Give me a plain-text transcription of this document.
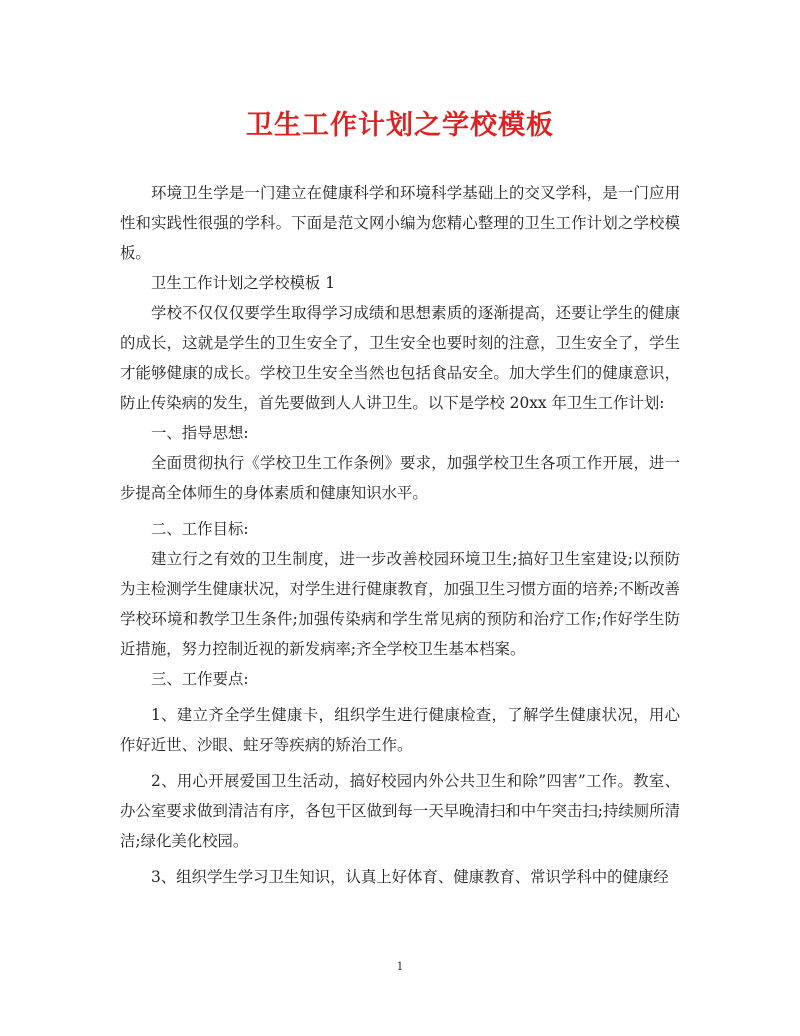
卫生工作计划之学校模板

环境卫生学是一门建立在健康科学和环境科学基础上的交叉学科，是一门应用性和实践性很强的学科。下面是范文网小编为您精心整理的卫生工作计划之学校模板。

卫生工作计划之学校模板 1

学校不仅仅仅要学生取得学习成绩和思想素质的逐渐提高，还要让学生的健康的成长，这就是学生的卫生安全了，卫生安全也要时刻的注意，卫生安全了，学生才能够健康的成长。学校卫生安全当然也包括食品安全。加大学生们的健康意识，防止传染病的发生，首先要做到人人讲卫生。以下是学校 20xx 年卫生工作计划:

一、指导思想:

全面贯彻执行《学校卫生工作条例》要求，加强学校卫生各项工作开展，进一步提高全体师生的身体素质和健康知识水平。

二、工作目标:

建立行之有效的卫生制度，进一步改善校园环境卫生;搞好卫生室建设;以预防为主检测学生健康状况，对学生进行健康教育，加强卫生习惯方面的培养;不断改善学校环境和教学卫生条件;加强传染病和学生常见病的预防和治疗工作;作好学生防近措施，努力控制近视的新发病率;齐全学校卫生基本档案。

三、工作要点:

1、建立齐全学生健康卡，组织学生进行健康检查，了解学生健康状况，用心作好近世、沙眼、蛀牙等疾病的矫治工作。

2、用心开展爱国卫生活动，搞好校园内外公共卫生和除”四害”工作。教室、办公室要求做到清洁有序，各包干区做到每一天早晚清扫和中午突击扫;持续厕所清洁;绿化美化校园。

3、组织学生学习卫生知识，认真上好体育、健康教育、常识学科中的健康经

1
